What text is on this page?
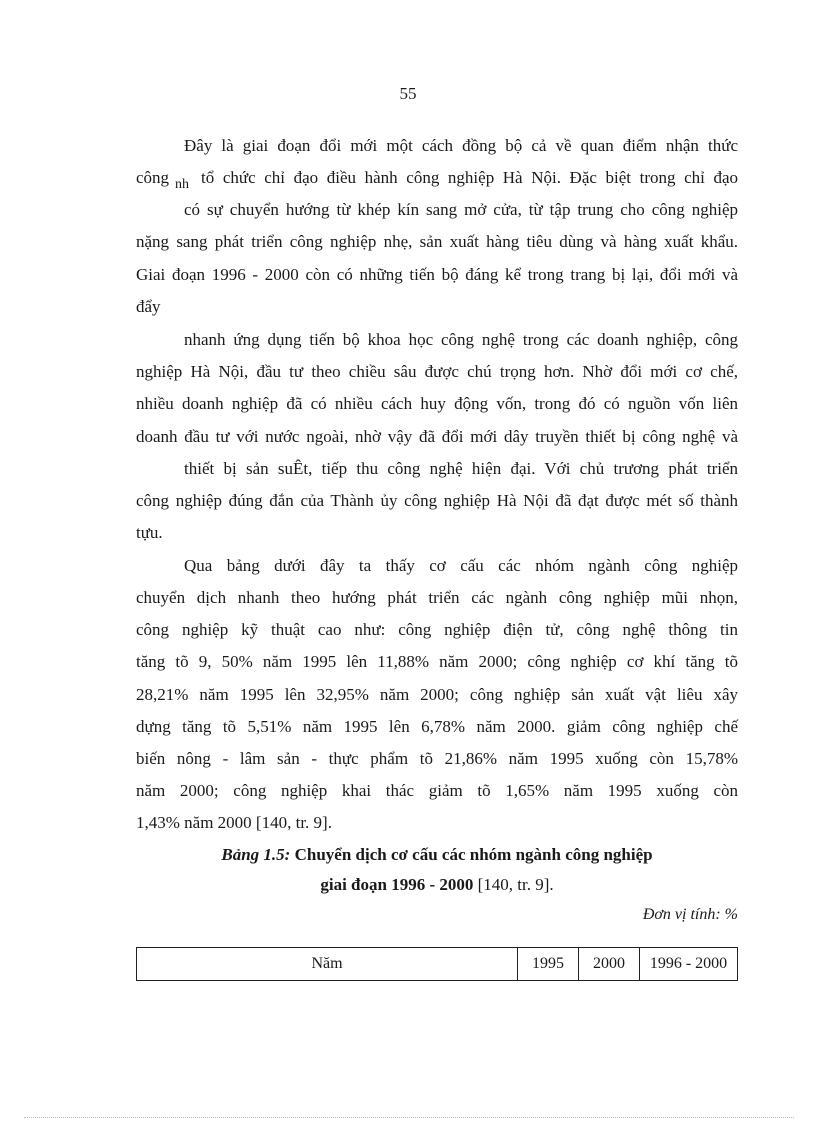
55
Đây là giai đoạn đổi mới một cách đồng bộ cả về quan điểm nhận thức
công $_{nh}$ tổ chức chỉ đạo điều hành công nghiệp Hà Nội. Đặc biệt trong chỉ đạo
có sự chuyển hướng từ khép kín sang mở cửa, từ tập trung cho công nghiệp
nặng sang phát triển công nghiệp nhẹ, sản xuất hàng tiêu dùng và hàng xuất khẩu.
Giai đoạn 1996 - 2000 còn có những tiến bộ đáng kể trong trang bị lại, đổi mới và
đẩy
nhanh ứng dụng tiến bộ khoa học công nghệ trong các doanh nghiệp, công
nghiệp Hà Nội, đầu tư theo chiều sâu được chú trọng hơn. Nhờ đổi mới cơ chế,
nhiều doanh nghiệp đã có nhiều cách huy động vốn, trong đó có nguồn vốn liên
doanh đầu tư với nước ngoài, nhờ vậy đã đổi mới dây truyền thiết bị công nghệ và
thiết bị sản suÊt, tiếp thu công nghệ hiện đại. Với chủ trương phát triển
công nghiệp đúng đắn của Thành ủy công nghiệp Hà Nội đã đạt được mét số thành
tựu.
Qua bảng dưới đây ta thấy cơ cấu các nhóm ngành công nghiệp
chuyển dịch nhanh theo hướng phát triển các ngành công nghiệp mũi nhọn,
công nghiệp kỹ thuật cao như: công nghiệp điện tử, công nghệ thông tin
tăng tõ 9, 50% năm 1995 lên 11,88% năm 2000; công nghiệp cơ khí tăng tõ
28,21% năm 1995 lên 32,95% năm 2000; công nghiệp sản xuất vật liêu xây
dựng tăng tõ 5,51% năm 1995 lên 6,78% năm 2000. giảm công nghiệp chế
biến nông - lâm sản - thực phẩm tõ 21,86% năm 1995 xuống còn 15,78%
năm 2000; công nghiệp khai thác giảm tõ 1,65% năm 1995 xuống còn
1,43% năm 2000 [140, tr. 9].
Bảng 1.5: Chuyển dịch cơ cấu các nhóm ngành công nghiệp
giai đoạn 1996 - 2000 [140, tr. 9].
Đơn vị tính: %
Năm	1995	2000	1996 - 2000
